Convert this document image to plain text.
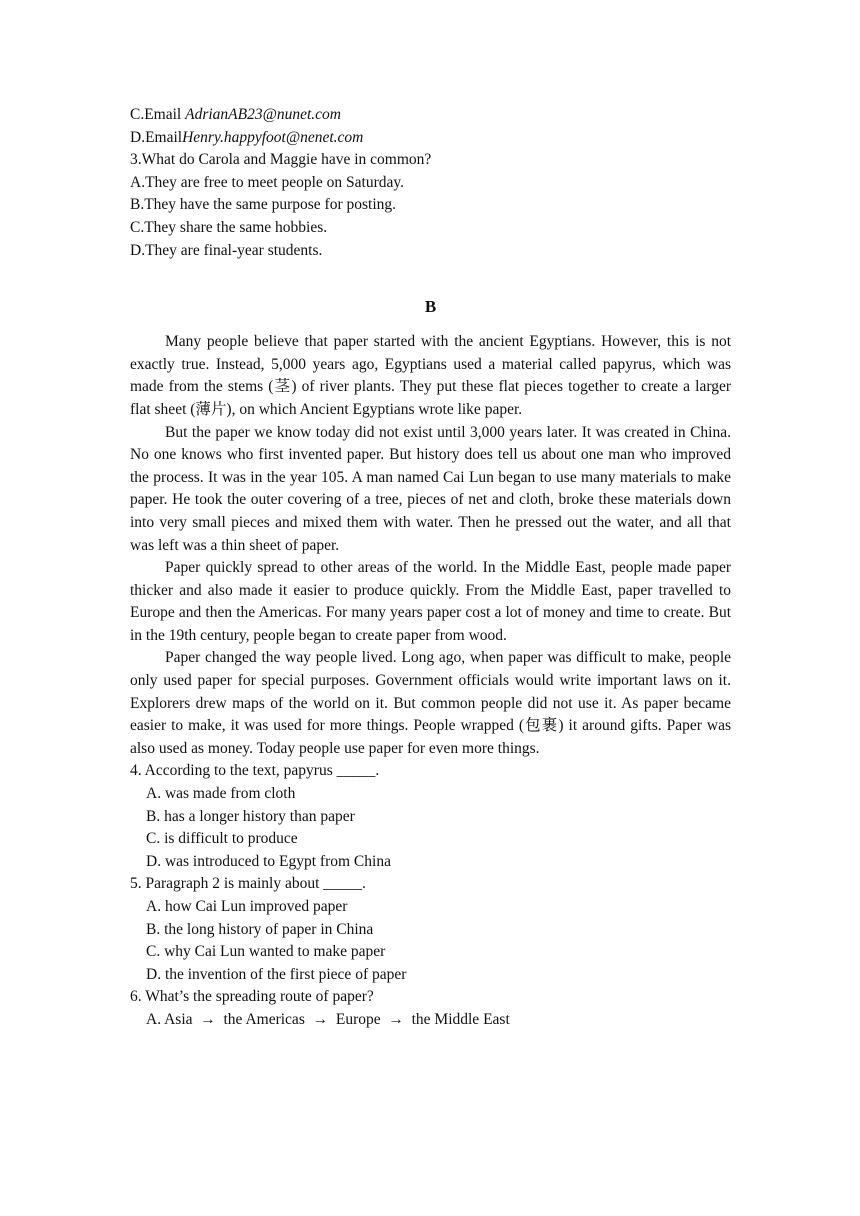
C.Email AdrianAB23@nunet.com
D.EmailHenry.happyfoot@nenet.com
3.What do Carola and Maggie have in common?
A.They are free to meet people on Saturday.
B.They have the same purpose for posting.
C.They share the same hobbies.
D.They are final-year students.
B

Many people believe that paper started with the ancient Egyptians. However, this is not exactly true. Instead, 5,000 years ago, Egyptians used a material called papyrus, which was made from the stems (茎) of river plants. They put these flat pieces together to create a larger flat sheet (薄片), on which Ancient Egyptians wrote like paper.

But the paper we know today did not exist until 3,000 years later. It was created in China. No one knows who first invented paper. But history does tell us about one man who improved the process. It was in the year 105. A man named Cai Lun began to use many materials to make paper. He took the outer covering of a tree, pieces of net and cloth, broke these materials down into very small pieces and mixed them with water. Then he pressed out the water, and all that was left was a thin sheet of paper.

Paper quickly spread to other areas of the world. In the Middle East, people made paper thicker and also made it easier to produce quickly. From the Middle East, paper travelled to Europe and then the Americas. For many years paper cost a lot of money and time to create. But in the 19th century, people began to create paper from wood.

Paper changed the way people lived. Long ago, when paper was difficult to make, people only used paper for special purposes. Government officials would write important laws on it. Explorers drew maps of the world on it. But common people did not use it. As paper became easier to make, it was used for more things. People wrapped (包裹) it around gifts. Paper was also used as money. Today people use paper for even more things.

4. According to the text, papyrus _____.
A. was made from cloth
B. has a longer history than paper
C. is difficult to produce
D. was introduced to Egypt from China
5. Paragraph 2 is mainly about _____.
A. how Cai Lun improved paper
B. the long history of paper in China
C. why Cai Lun wanted to make paper
D. the invention of the first piece of paper
6. What’s the spreading route of paper?
A. Asia  →  the Americas  →  Europe  →  the Middle East
